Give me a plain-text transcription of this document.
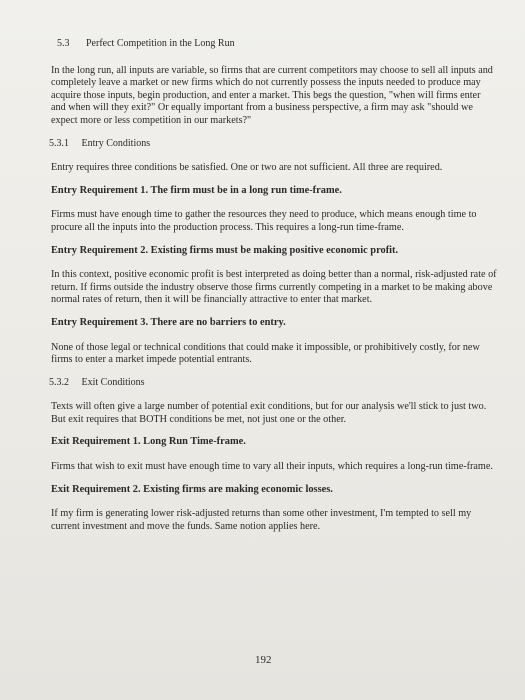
5.3 Perfect Competition in the Long Run

In the long run, all inputs are variable, so firms that are current competitors may choose to sell all inputs and completely leave a market or new firms which do not currently possess the inputs needed to produce may acquire those inputs, begin production, and enter a market. This begs the question, "when will firms enter and when will they exit?" Or equally important from a business perspective, a firm may ask "should we expect more or less competition in our markets?"

5.3.1 Entry Conditions

Entry requires three conditions be satisfied. One or two are not sufficient. All three are required.

Entry Requirement 1. The firm must be in a long run time-frame.

Firms must have enough time to gather the resources they need to produce, which means enough time to procure all the inputs into the production process. This requires a long-run time-frame.

Entry Requirement 2. Existing firms must be making positive economic profit.

In this context, positive economic profit is best interpreted as doing better than a normal, risk-adjusted rate of return. If firms outside the industry observe those firms currently competing in a market to be making above normal rates of return, then it will be financially attractive to enter that market.

Entry Requirement 3. There are no barriers to entry.

None of those legal or technical conditions that could make it impossible, or prohibitively costly, for new firms to enter a market impede potential entrants.

5.3.2 Exit Conditions

Texts will often give a large number of potential exit conditions, but for our analysis we'll stick to just two. But exit requires that BOTH conditions be met, not just one or the other.

Exit Requirement 1. Long Run Time-frame.

Firms that wish to exit must have enough time to vary all their inputs, which requires a long-run time-frame.

Exit Requirement 2. Existing firms are making economic losses.

If my firm is generating lower risk-adjusted returns than some other investment, I'm tempted to sell my current investment and move the funds. Same notion applies here.

192
